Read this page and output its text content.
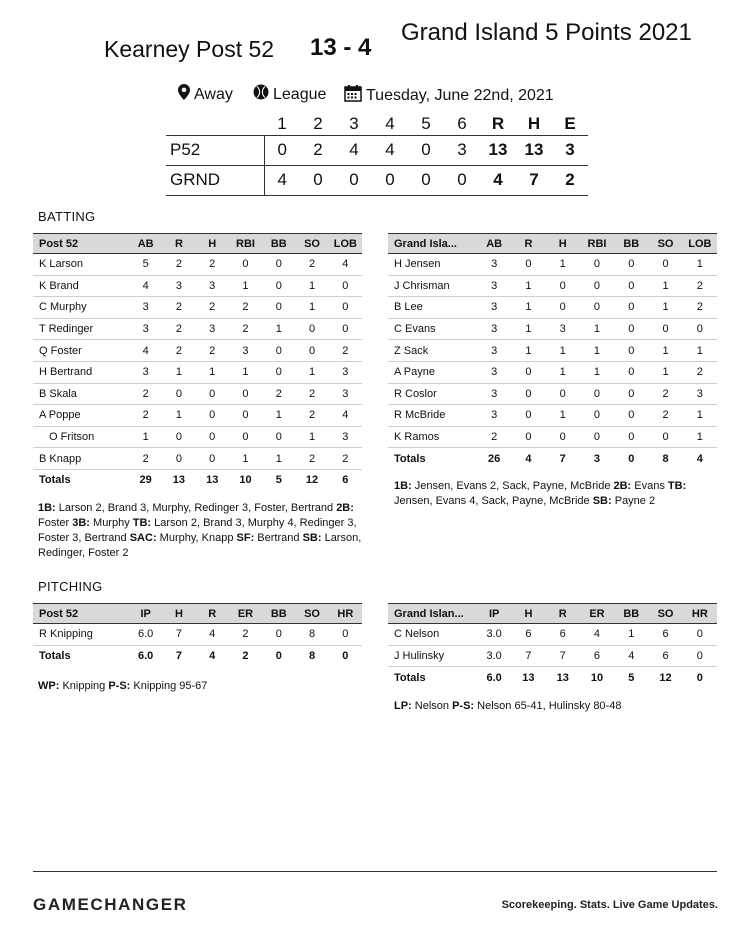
Kearney Post 52 13 - 4
Grand Island 5 Points 2021
Away	League Tuesday, June 22nd, 2021
	1	2	3	4	5	6	R	H	E
P52	0	2	4	4	0	3	13	13	3
GRND	4	0	0	0	0	0	4	7	2
BATTING
Post 52	AB	R	H	RBI	BB	SO	LOB
K Larson	5	2	2	0	0	2	4
K Brand	4	3	3	1	0	1	0
C Murphy	3	2	2	2	0	1	0
T Redinger	3	2	3	2	1	0	0
Q Foster	4	2	2	3	0	0	2
H Bertrand	3	1	1	1	0	1	3
B Skala	2	0	0	0	2	2	3
A Poppe	2	1	0	0	1	2	4
O Fritson	1	0	0	0	0	1	3
B Knapp	2	0	0	1	1	2	2
Totals	29	13	13	10	5	12	6
Grand Isla...	AB	R	H	RBI	BB	SO	LOB
H Jensen	3	0	1	0	0	0	1
J Chrisman	3	1	0	0	0	1	2
B Lee	3	1	0	0	0	1	2
C Evans	3	1	3	1	0	0	0
Z Sack	3	1	1	1	0	1	1
A Payne	3	0	1	1	0	1	2
R Coslor	3	0	0	0	0	2	3
R McBride	3	0	1	0	0	2	1
K Ramos	2	0	0	0	0	0	1
Totals	26	4	7	3	0	8	4
1B: Larson 2, Brand 3, Murphy, Redinger 3, Foster, Bertrand 2B: Foster 3B: Murphy TB: Larson 2, Brand 3, Murphy 4, Redinger 3, Foster 3, Bertrand SAC: Murphy, Knapp SF: Bertrand SB: Larson, Redinger, Foster 2
1B: Jensen, Evans 2, Sack, Payne, McBride 2B: Evans TB: Jensen, Evans 4, Sack, Payne, McBride SB: Payne 2
PITCHING
Post 52	IP	H	R	ER	BB	SO	HR
R Knipping	6.0	7	4	2	0	8	0
Totals	6.0	7	4	2	0	8	0
Grand Islan...	IP	H	R	ER	BB	SO	HR
C Nelson	3.0	6	6	4	1	6	0
J Hulinsky	3.0	7	7	6	4	6	0
Totals	6.0	13	13	10	5	12	0
WP: Knipping P-S: Knipping 95-67
LP: Nelson P-S: Nelson 65-41, Hulinsky 80-48
GAMECHANGER	Scorekeeping. Stats. Live Game Updates.
